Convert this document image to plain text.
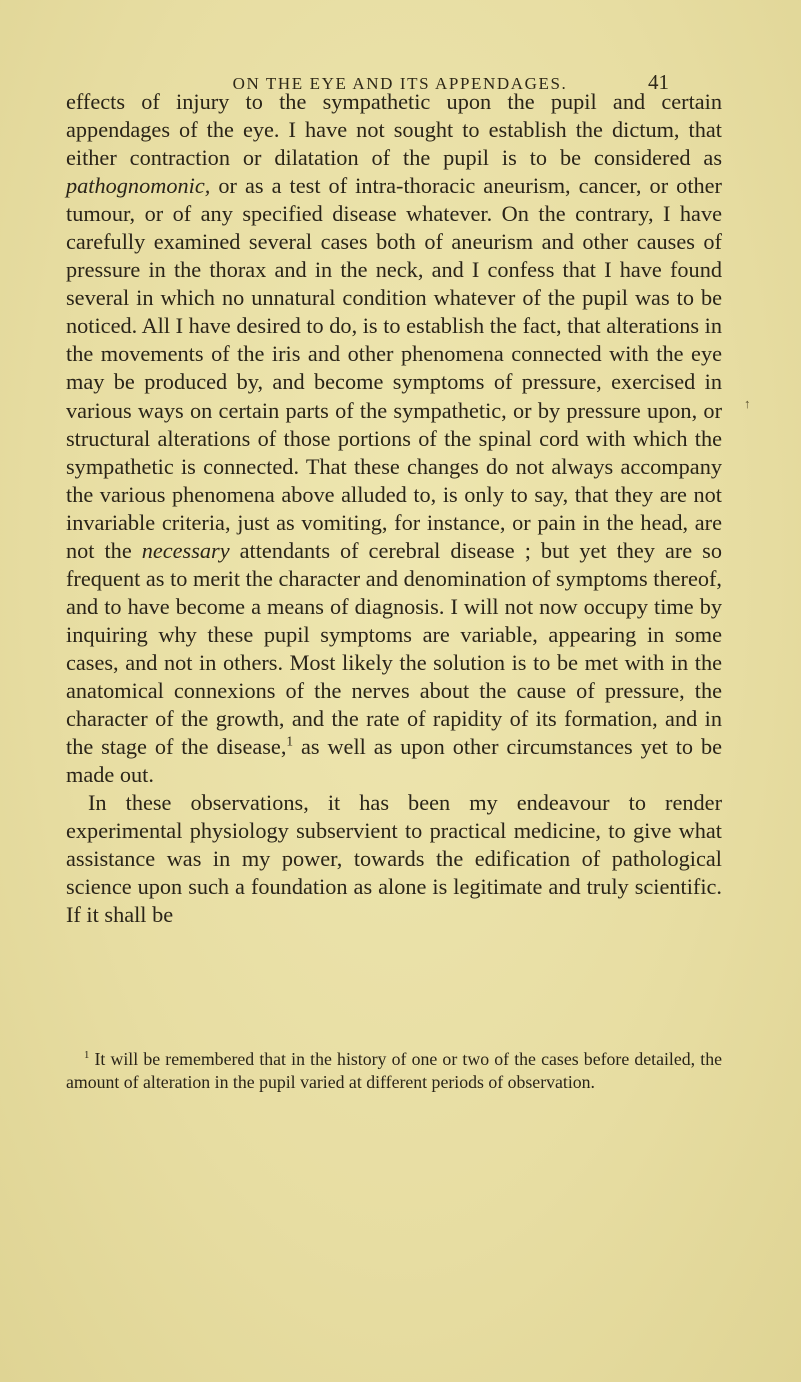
ON THE EYE AND ITS APPENDAGES.	41
↑

effects of injury to the sympathetic upon the pupil and certain appendages of the eye. I have not sought to establish the dictum, that either contraction or dilatation of the pupil is to be considered as pathognomonic, or as a test of intra-thoracic aneurism, cancer, or other tumour, or of any specified disease whatever. On the contrary, I have carefully examined several cases both of aneurism and other causes of pressure in the thorax and in the neck, and I confess that I have found several in which no unnatural condition whatever of the pupil was to be noticed. All I have desired to do, is to establish the fact, that alterations in the movements of the iris and other phenomena connected with the eye may be produced by, and become symptoms of pressure, exercised in various ways on certain parts of the sympathetic, or by pressure upon, or structural alterations of those portions of the spinal cord with which the sympathetic is connected. That these changes do not always accompany the various phenomena above alluded to, is only to say, that they are not invariable criteria, just as vomiting, for instance, or pain in the head, are not the necessary attendants of cerebral disease ; but yet they are so frequent as to merit the character and denomination of symptoms thereof, and to have become a means of diagnosis. I will not now occupy time by inquiring why these pupil symptoms are variable, appearing in some cases, and not in others. Most likely the solution is to be met with in the anatomical connexions of the nerves about the cause of pressure, the character of the growth, and the rate of rapidity of its formation, and in the stage of the disease,$^1$ as well as upon other circumstances yet to be made out.

In these observations, it has been my endeavour to render experimental physiology subservient to practical medicine, to give what assistance was in my power, towards the edification of pathological science upon such a foundation as alone is legitimate and truly scientific. If it shall be

$^1$ It will be remembered that in the history of one or two of the cases before detailed, the amount of alteration in the pupil varied at different periods of observation.
